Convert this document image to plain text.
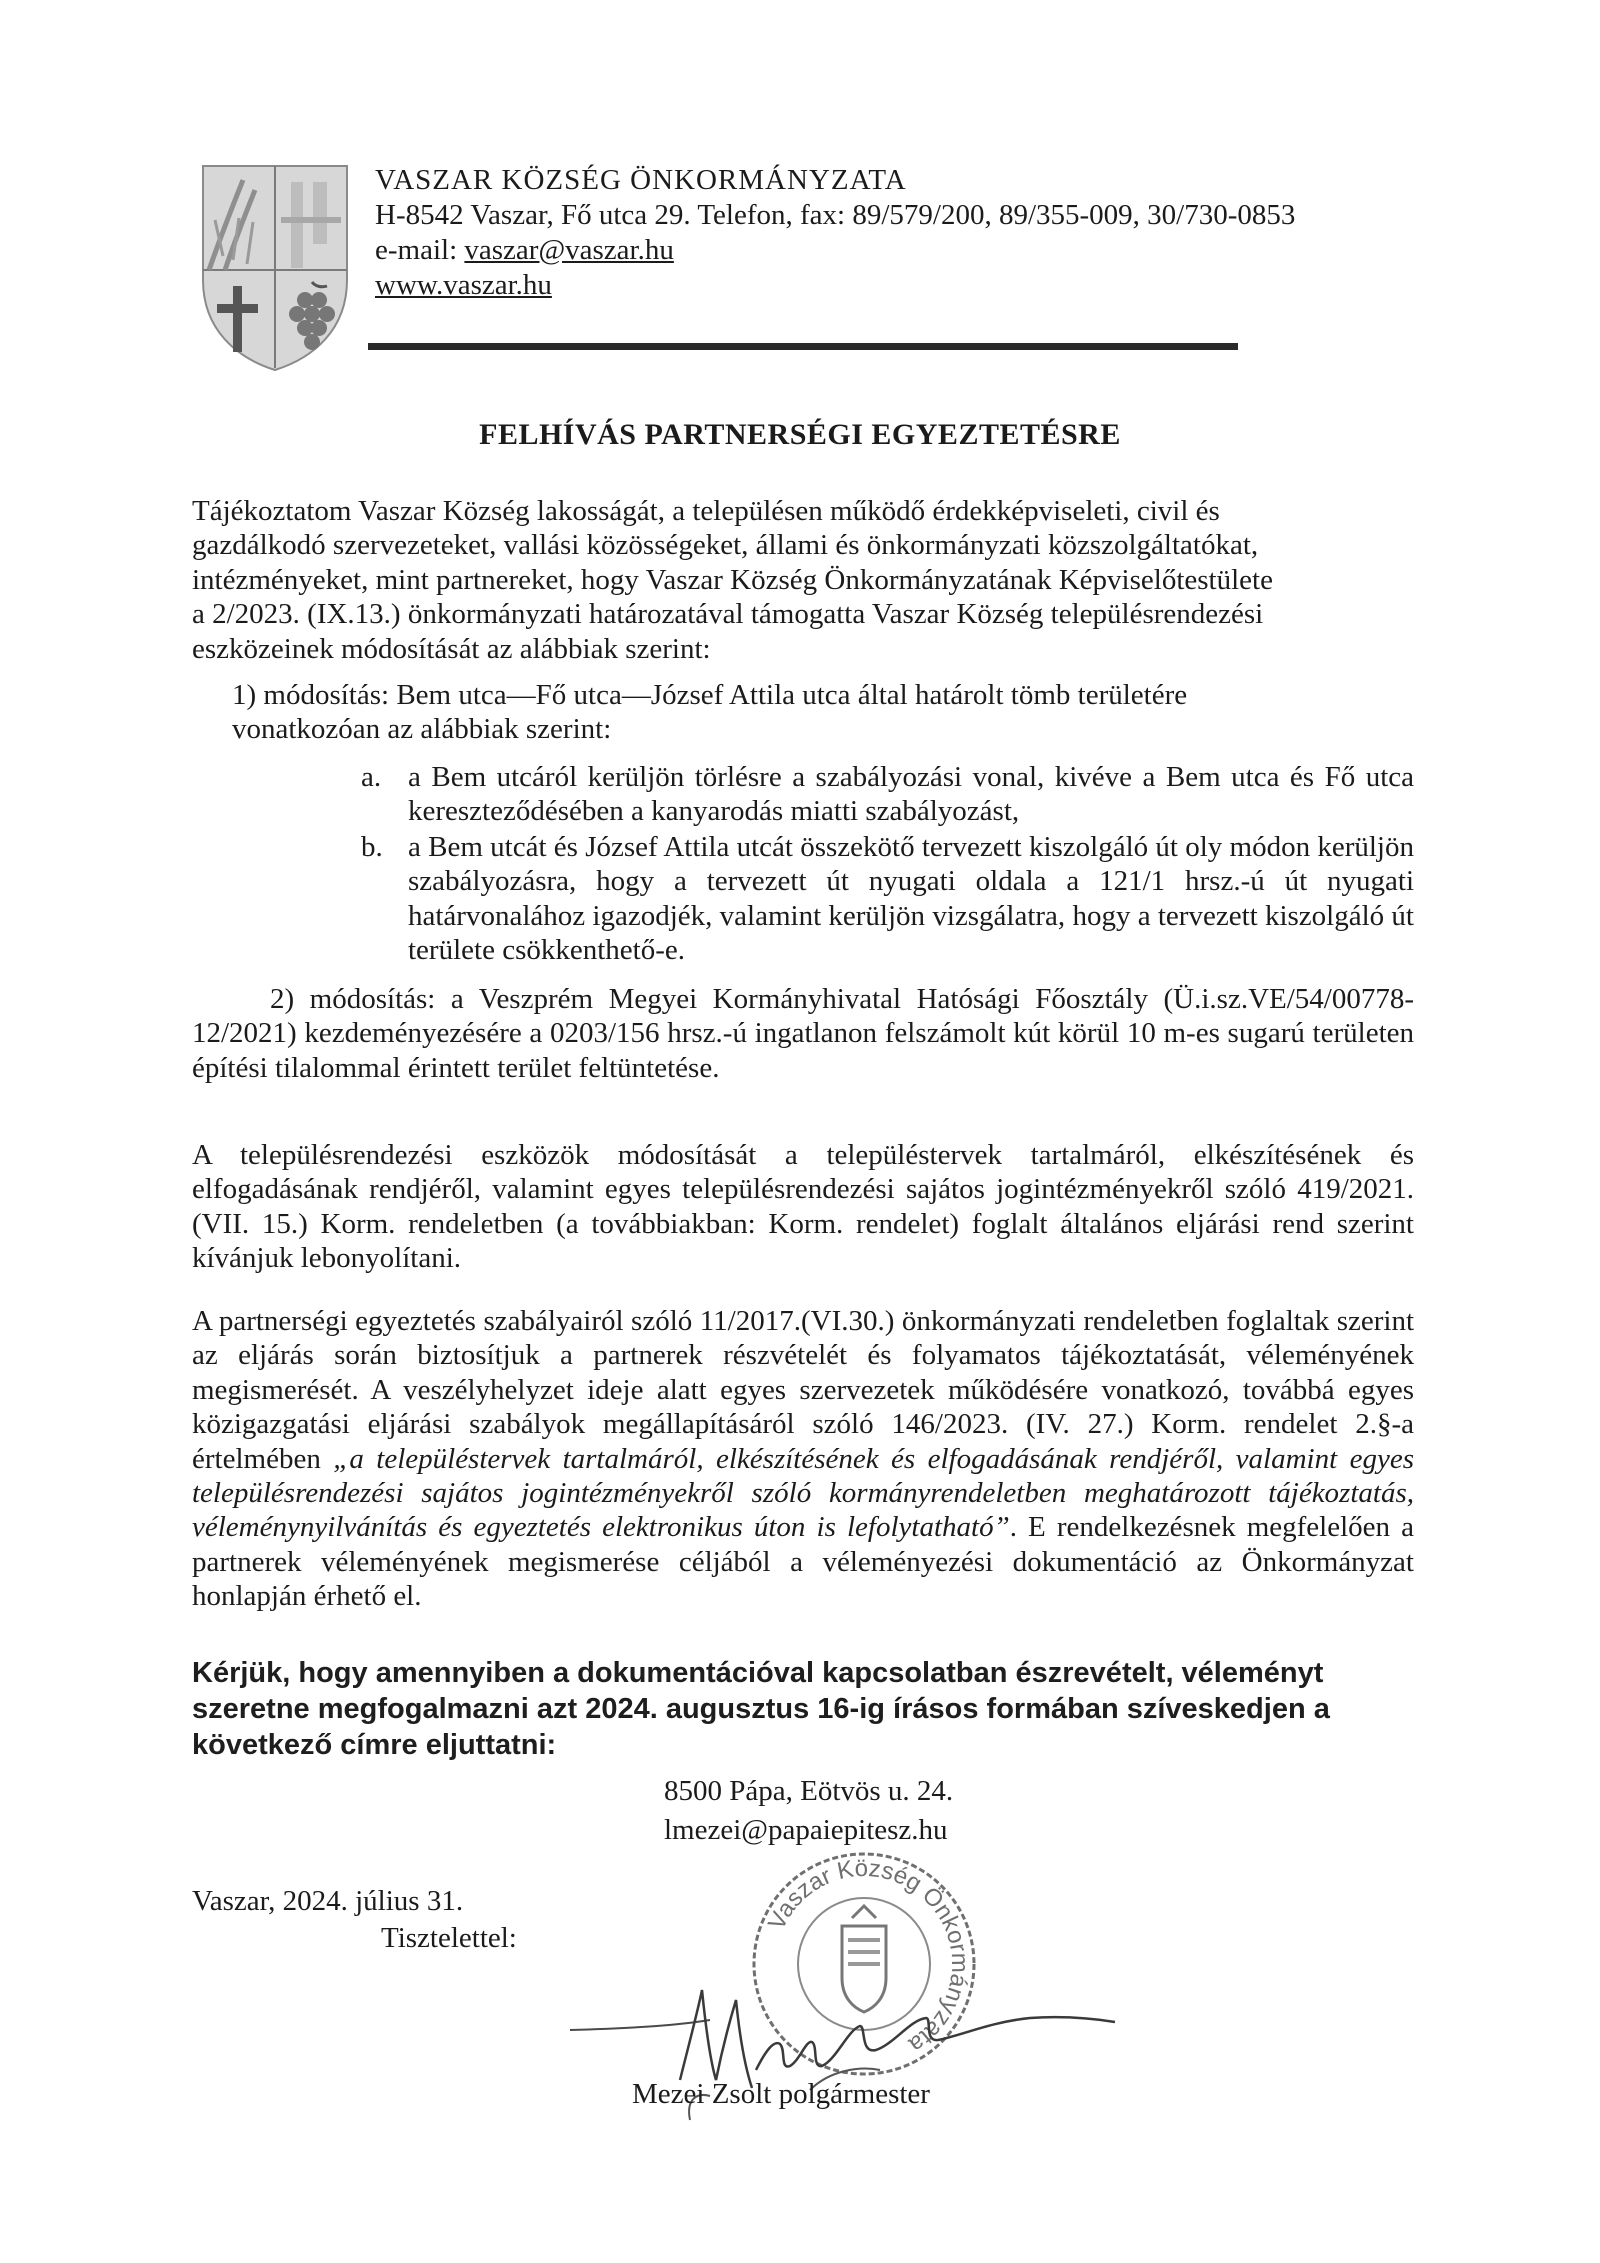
VASZAR KÖZSÉG ÖNKORMÁNYZATA
H-8542 Vaszar, Fő utca 29. Telefon, fax: 89/579/200, 89/355-009, 30/730-0853
e-mail: vaszar@vaszar.hu
www.vaszar.hu
FELHÍVÁS PARTNERSÉGI EGYEZTETÉSRE
Tájékoztatom Vaszar Község lakosságát, a településen működő érdekképviseleti, civil és
gazdálkodó szervezeteket, vallási közösségeket, állami és önkormányzati közszolgáltatókat,
intézményeket, mint partnereket, hogy Vaszar Község Önkormányzatának Képviselőtestülete
a 2/2023. (IX.13.) önkormányzati határozatával támogatta Vaszar Község településrendezési
eszközeinek módosítását az alábbiak szerint:
1) módosítás: Bem utca—Fő utca—József Attila utca által határolt tömb területére
vonatkozóan az alábbiak szerint:
a. a Bem utcáról kerüljön törlésre a szabályozási vonal, kivéve a Bem utca és Fő utca kereszteződésében a kanyarodás miatti szabályozást,
b. a Bem utcát és József Attila utcát összekötő tervezett kiszolgáló út oly módon kerüljön szabályozásra, hogy a tervezett út nyugati oldala a 121/1 hrsz.-ú út nyugati határvonalához igazodjék, valamint kerüljön vizsgálatra, hogy a tervezett kiszolgáló út területe csökkenthető-e.
2) módosítás: a Veszprém Megyei Kormányhivatal Hatósági Főosztály (Ü.i.sz.VE/54/00778-12/2021) kezdeményezésére a 0203/156 hrsz.-ú ingatlanon felszámolt kút körül 10 m-es sugarú területen építési tilalommal érintett terület feltüntetése.
A településrendezési eszközök módosítását a településtervek tartalmáról, elkészítésének és elfogadásának rendjéről, valamint egyes településrendezési sajátos jogintézményekről szóló 419/2021. (VII. 15.) Korm. rendeletben (a továbbiakban: Korm. rendelet) foglalt általános eljárási rend szerint kívánjuk lebonyolítani.
A partnerségi egyeztetés szabályairól szóló 11/2017.(VI.30.) önkormányzati rendeletben foglaltak szerint az eljárás során biztosítjuk a partnerek részvételét és folyamatos tájékoztatását, véleményének megismerését. A veszélyhelyzet ideje alatt egyes szervezetek működésére vonatkozó, továbbá egyes közigazgatási eljárási szabályok megállapításáról szóló 146/2023. (IV. 27.) Korm. rendelet 2.§-a értelmében „a településtervek tartalmáról, elkészítésének és elfogadásának rendjéről, valamint egyes településrendezési sajátos jogintézményekről szóló kormányrendeletben meghatározott tájékoztatás, véleménynyilvánítás és egyeztetés elektronikus úton is lefolytatható”. E rendelkezésnek megfelelően a partnerek véleményének megismerése céljából a véleményezési dokumentáció az Önkormányzat honlapján érhető el.
Kérjük, hogy amennyiben a dokumentációval kapcsolatban észrevételt, véleményt szeretne megfogalmazni azt 2024. augusztus 16-ig írásos formában szíveskedjen a következő címre eljuttatni:
8500 Pápa, Eötvös u. 24.
lmezei@papaiepitesz.hu
Vaszar, 2024. július 31.
Tisztelettel:
Vaszar Község Önkormányzata
Mezei Zsolt polgármester
